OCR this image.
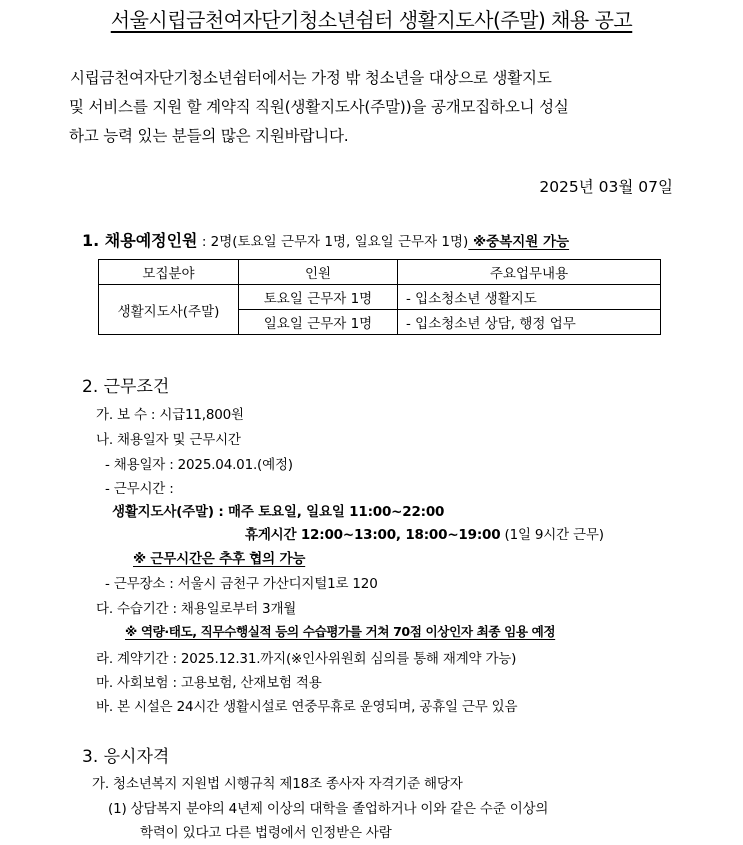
서울시립금천여자단기청소년쉼터 생활지도사(주말) 채용 공고
시립금천여자단기청소년쉼터에서는 가정 밖 청소년을 대상으로 생활지도
및 서비스를 지원 할 계약직 직원(생활지도사(주말))을 공개모집하오니 성실
하고 능력 있는 분들의 많은 지원바랍니다.
2025년 03월 07일
1. 채용예정인원 : 2명(토요일 근무자 1명, 일요일 근무자 1명) ※중복지원 가능
모집분야	인원	주요업무내용
생활지도사(주말)	토요일 근무자 1명	- 입소청소년 생활지도
	일요일 근무자 1명	- 입소청소년 상담, 행정 업무
2. 근무조건
가. 보 수 : 시급11,800원
나. 채용일자 및 근무시간
- 채용일자 : 2025.04.01.(예정)
- 근무시간 :
생활지도사(주말) : 매주 토요일, 일요일 11:00~22:00
휴게시간 12:00~13:00, 18:00~19:00 (1일 9시간 근무)
※ 근무시간은 추후 협의 가능
- 근무장소 : 서울시 금천구 가산디지털1로 120
다. 수습기간 : 채용일로부터 3개월
※ 역량·태도, 직무수행실적 등의 수습평가를 거쳐 70점 이상인자 최종 임용 예정
라. 계약기간 : 2025.12.31.까지(※인사위원회 심의를 통해 재계약 가능)
마. 사회보험 : 고용보험, 산재보험 적용
바. 본 시설은 24시간 생활시설로 연중무휴로 운영되며, 공휴일 근무 있음
3. 응시자격
가. 청소년복지 지원법 시행규칙 제18조 종사자 자격기준 해당자
(1) 상담복지 분야의 4년제 이상의 대학을 졸업하거나 이와 같은 수준 이상의
학력이 있다고 다른 법령에서 인정받은 사람
